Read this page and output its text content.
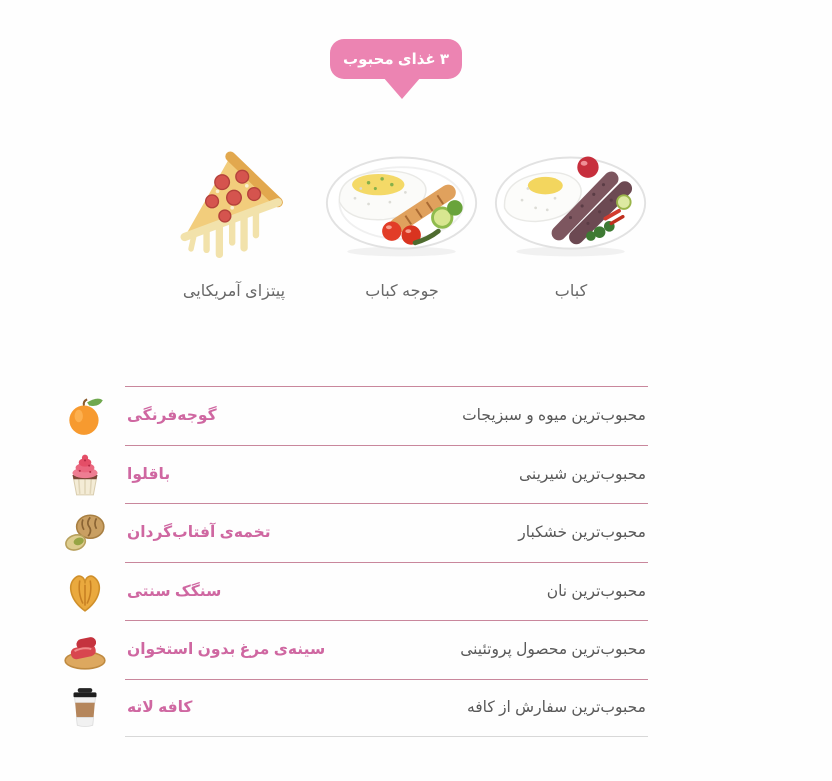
۳ غذای محبوب
پیتزای آمریکایی	جوجه کباب	کباب
محبوب‌ترین میوه و سبزیجات
گوجه‌فرنگی
محبوب‌ترین شیرینی
باقلوا
محبوب‌ترین خشکبار
تخمه‌ی آفتاب‌گردان
محبوب‌ترین نان
سنگک سنتی
محبوب‌ترین محصول پروتئینی
سینه‌ی مرغ بدون استخوان
محبوب‌ترین سفارش از کافه
کافه لاته
